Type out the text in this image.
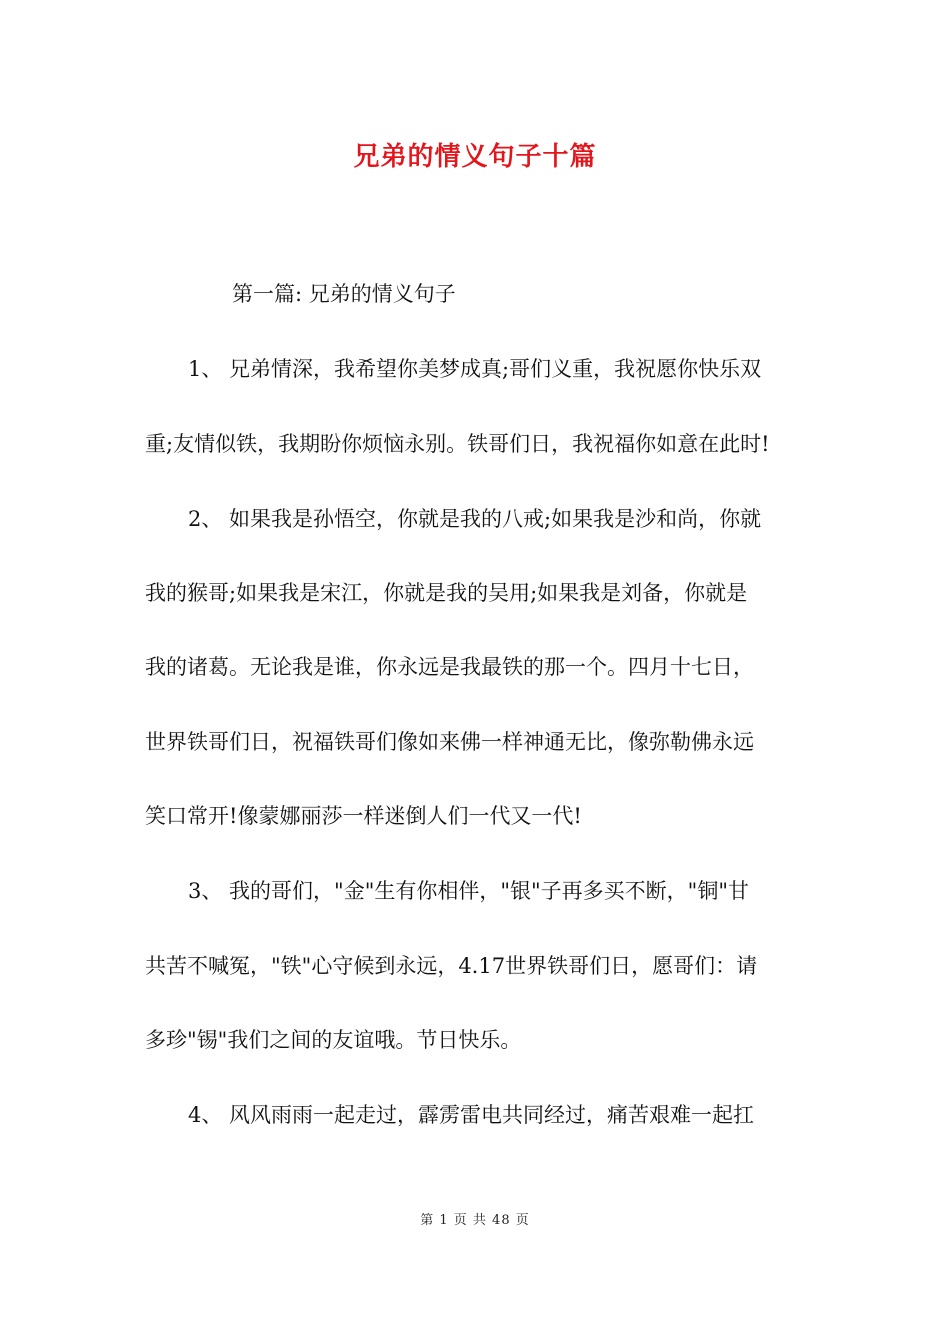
兄弟的情义句子十篇
第一篇: 兄弟的情义句子
1、 兄弟情深，我希望你美梦成真;哥们义重，我祝愿你快乐双
重;友情似铁，我期盼你烦恼永别。铁哥们日，我祝福你如意在此时!
2、 如果我是孙悟空，你就是我的八戒;如果我是沙和尚，你就
我的猴哥;如果我是宋江，你就是我的吴用;如果我是刘备，你就是
我的诸葛。无论我是谁，你永远是我最铁的那一个。四月十七日，
世界铁哥们日，祝福铁哥们像如来佛一样神通无比，像弥勒佛永远
笑口常开!像蒙娜丽莎一样迷倒人们一代又一代!
3、 我的哥们，"金"生有你相伴，"银"子再多买不断，"铜"甘
共苦不喊冤，"铁"心守候到永远，4.17世界铁哥们日，愿哥们：请
多珍"锡"我们之间的友谊哦。节日快乐。
4、 风风雨雨一起走过，霹雳雷电共同经过，痛苦艰难一起扛
第 1 页 共 48 页
